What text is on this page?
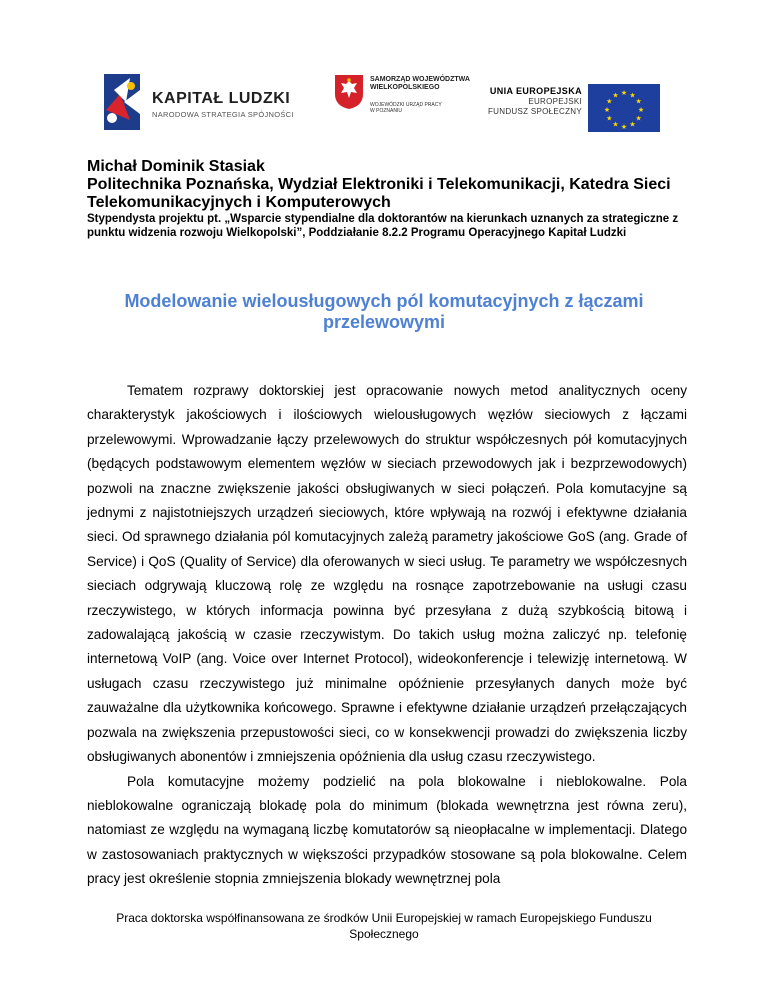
KAPITAŁ LUDZKI
NARODOWA STRATEGIA SPÓJNOŚCI
SAMORZĄD WOJEWÓDZTWA
WIELKOPOLSKIEGO
WOJEWÓDZKI URZĄD PRACY
W POZNANIU
UNIA EUROPEJSKA
EUROPEJSKI
FUNDUSZ SPOŁECZNY
★ ★
★
★
★
★
★
★
★
★
★
★
Michał Dominik Stasiak
Politechnika Poznańska, Wydział Elektroniki i Telekomunikacji, Katedra Sieci Telekomunikacyjnych i Komputerowych
Stypendysta projektu pt. „Wsparcie stypendialne dla doktorantów na kierunkach uznanych za strategiczne z punktu widzenia rozwoju Wielkopolski”, Poddziałanie 8.2.2 Programu Operacyjnego Kapitał Ludzki
Modelowanie wielousługowych pól komutacyjnych z łączami przelewowymi

Tematem rozprawy doktorskiej jest opracowanie nowych metod analitycznych oceny charakterystyk jakościowych i ilościowych wielousługowych węzłów sieciowych z łączami przelewowymi. Wprowadzanie łączy przelewowych do struktur współczesnych pół komutacyjnych (będących podstawowym elementem węzłów w sieciach przewodowych jak i bezprzewodowych) pozwoli na znaczne zwiększenie jakości obsługiwanych w sieci połączeń. Pola komutacyjne są jednymi z najistotniejszych urządzeń sieciowych, które wpływają na rozwój i efektywne działania sieci. Od sprawnego działania pól komutacyjnych zależą parametry jakościowe GoS (ang. Grade of Service) i QoS (Quality of Service) dla oferowanych w sieci usług. Te parametry we współczesnych sieciach odgrywają kluczową rolę ze względu na rosnące zapotrzebowanie na usługi czasu rzeczywistego, w których informacja powinna być przesyłana z dużą szybkością bitową i zadowalającą jakością w czasie rzeczywistym. Do takich usług można zaliczyć np. telefonię internetową VoIP (ang. Voice over Internet Protocol), wideokonferencje i telewizję internetową. W usługach czasu rzeczywistego już minimalne opóźnienie przesyłanych danych może być zauważalne dla użytkownika końcowego. Sprawne i efektywne działanie urządzeń przełączających pozwala na zwiększenia przepustowości sieci, co w konsekwencji prowadzi do zwiększenia liczby obsługiwanych abonentów i zmniejszenia opóźnienia dla usług czasu rzeczywistego.

Pola komutacyjne możemy podzielić na pola blokowalne i nieblokowalne. Pola nieblokowalne ograniczają blokadę pola do minimum (blokada wewnętrzna jest równa zeru), natomiast ze względu na wymaganą liczbę komutatorów są nieopłacalne w implementacji. Dlatego w zastosowaniach praktycznych w większości przypadków stosowane są pola blokowalne. Celem pracy jest określenie stopnia zmniejszenia blokady wewnętrznej pola

Praca doktorska współfinansowana ze środków Unii Europejskiej w ramach Europejskiego Funduszu Społecznego
